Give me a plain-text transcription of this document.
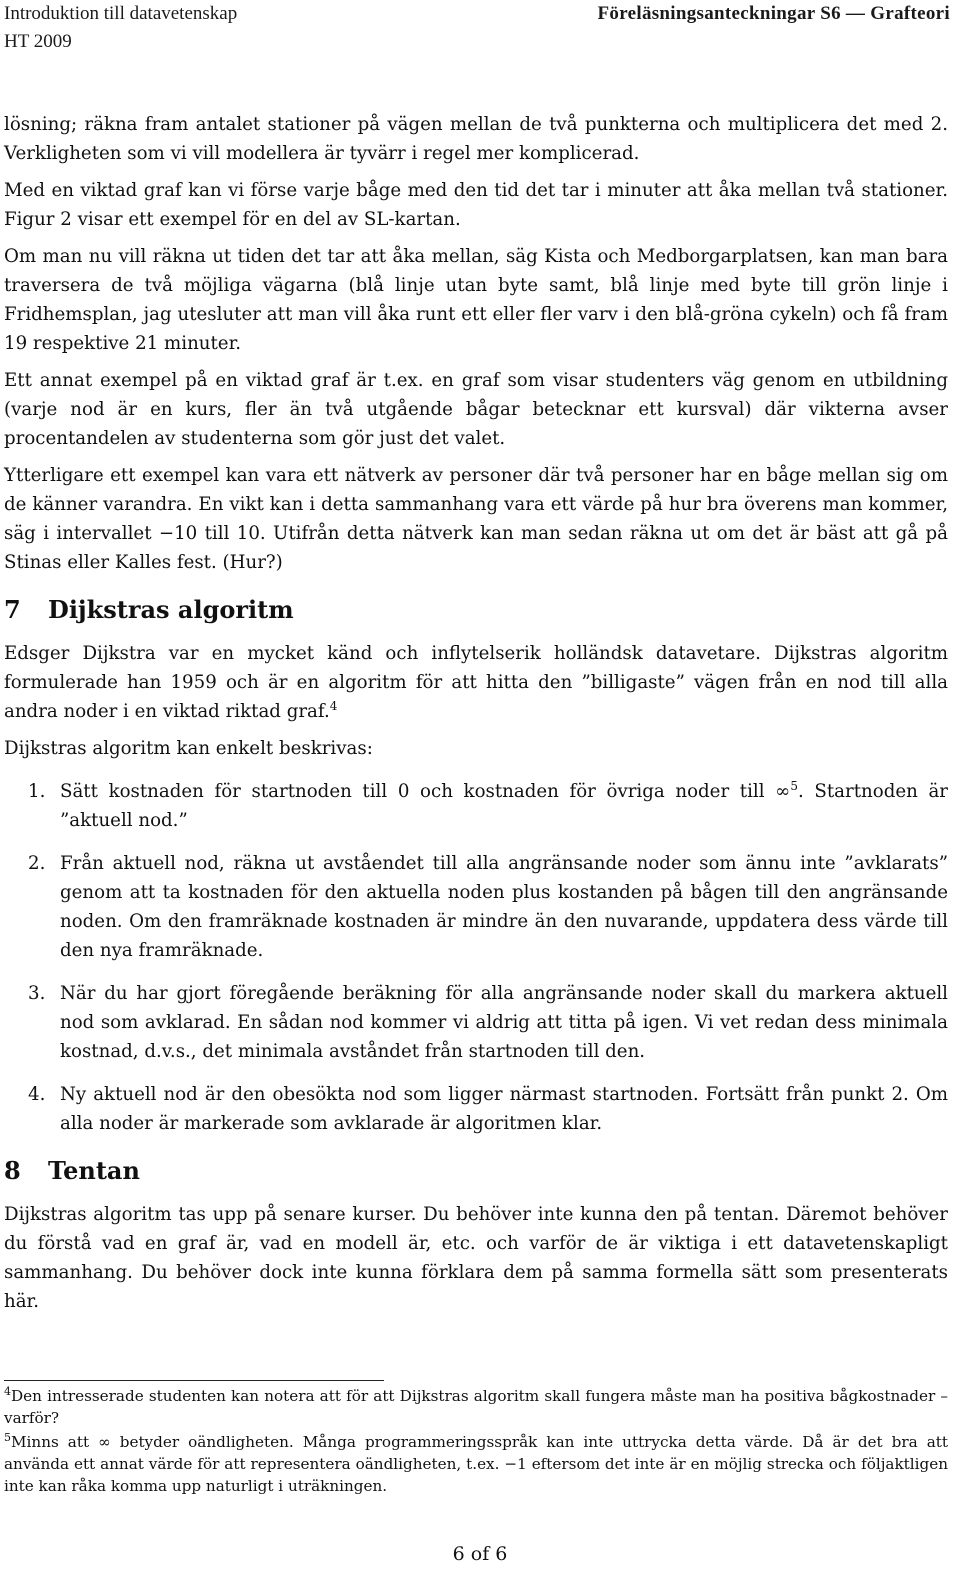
Introduktion till datavetenskap
HT 2009
Föreläsningsanteckningar S6 — Grafteori

lösning; räkna fram antalet stationer på vägen mellan de två punkterna och multiplicera det med 2. Verkligheten som vi vill modellera är tyvärr i regel mer komplicerad.

Med en viktad graf kan vi förse varje båge med den tid det tar i minuter att åka mellan två stationer. Figur 2 visar ett exempel för en del av SL-kartan.

Om man nu vill räkna ut tiden det tar att åka mellan, säg Kista och Medborgarplatsen, kan man bara traversera de två möjliga vägarna (blå linje utan byte samt, blå linje med byte till grön linje i Fridhemsplan, jag utesluter att man vill åka runt ett eller fler varv i den blå-gröna cykeln) och få fram 19 respektive 21 minuter.

Ett annat exempel på en viktad graf är t.ex. en graf som visar studenters väg genom en utbildning (varje nod är en kurs, fler än två utgående bågar betecknar ett kursval) där vikterna avser procentandelen av studenterna som gör just det valet.

Ytterligare ett exempel kan vara ett nätverk av personer där två personer har en båge mellan sig om de känner varandra. En vikt kan i detta sammanhang vara ett värde på hur bra överens man kommer, säg i intervallet −10 till 10. Utifrån detta nätverk kan man sedan räkna ut om det är bäst att gå på Stinas eller Kalles fest. (Hur?)

7 Dijkstras algoritm

Edsger Dijkstra var en mycket känd och inflytelserik holländsk datavetare. Dijkstras algoritm formulerade han 1959 och är en algoritm för att hitta den ”billigaste” vägen från en nod till alla andra noder i en viktad riktad graf.$^4$

Dijkstras algoritm kan enkelt beskrivas:

1. Sätt kostnaden för startnoden till 0 och kostnaden för övriga noder till ∞$^5$. Startnoden är ”aktuell nod.”
2. Från aktuell nod, räkna ut avståendet till alla angränsande noder som ännu inte ”avklarats” genom att ta kostnaden för den aktuella noden plus kostanden på bågen till den angränsande noden. Om den framräknade kostnaden är mindre än den nuvarande, uppdatera dess värde till den nya framräknade.
3. När du har gjort föregående beräkning för alla angränsande noder skall du markera aktuell nod som avklarad. En sådan nod kommer vi aldrig att titta på igen. Vi vet redan dess minimala kostnad, d.v.s., det minimala avståndet från startnoden till den.
4. Ny aktuell nod är den obesökta nod som ligger närmast startnoden. Fortsätt från punkt 2. Om alla noder är markerade som avklarade är algoritmen klar.
8 Tentan

Dijkstras algoritm tas upp på senare kurser. Du behöver inte kunna den på tentan. Däremot behöver du förstå vad en graf är, vad en modell är, etc. och varför de är viktiga i ett datavetenskapligt sammanhang. Du behöver dock inte kunna förklara dem på samma formella sätt som presenterats här.

$^4$Den intresserade studenten kan notera att för att Dijkstras algoritm skall fungera måste man ha positiva bågkostnader – varför?

$^5$Minns att ∞ betyder oändligheten. Många programmeringsspråk kan inte uttrycka detta värde. Då är det bra att använda ett annat värde för att representera oändligheten, t.ex. −1 eftersom det inte är en möjlig strecka och följaktligen inte kan råka komma upp naturligt i uträkningen.

6 of 6
